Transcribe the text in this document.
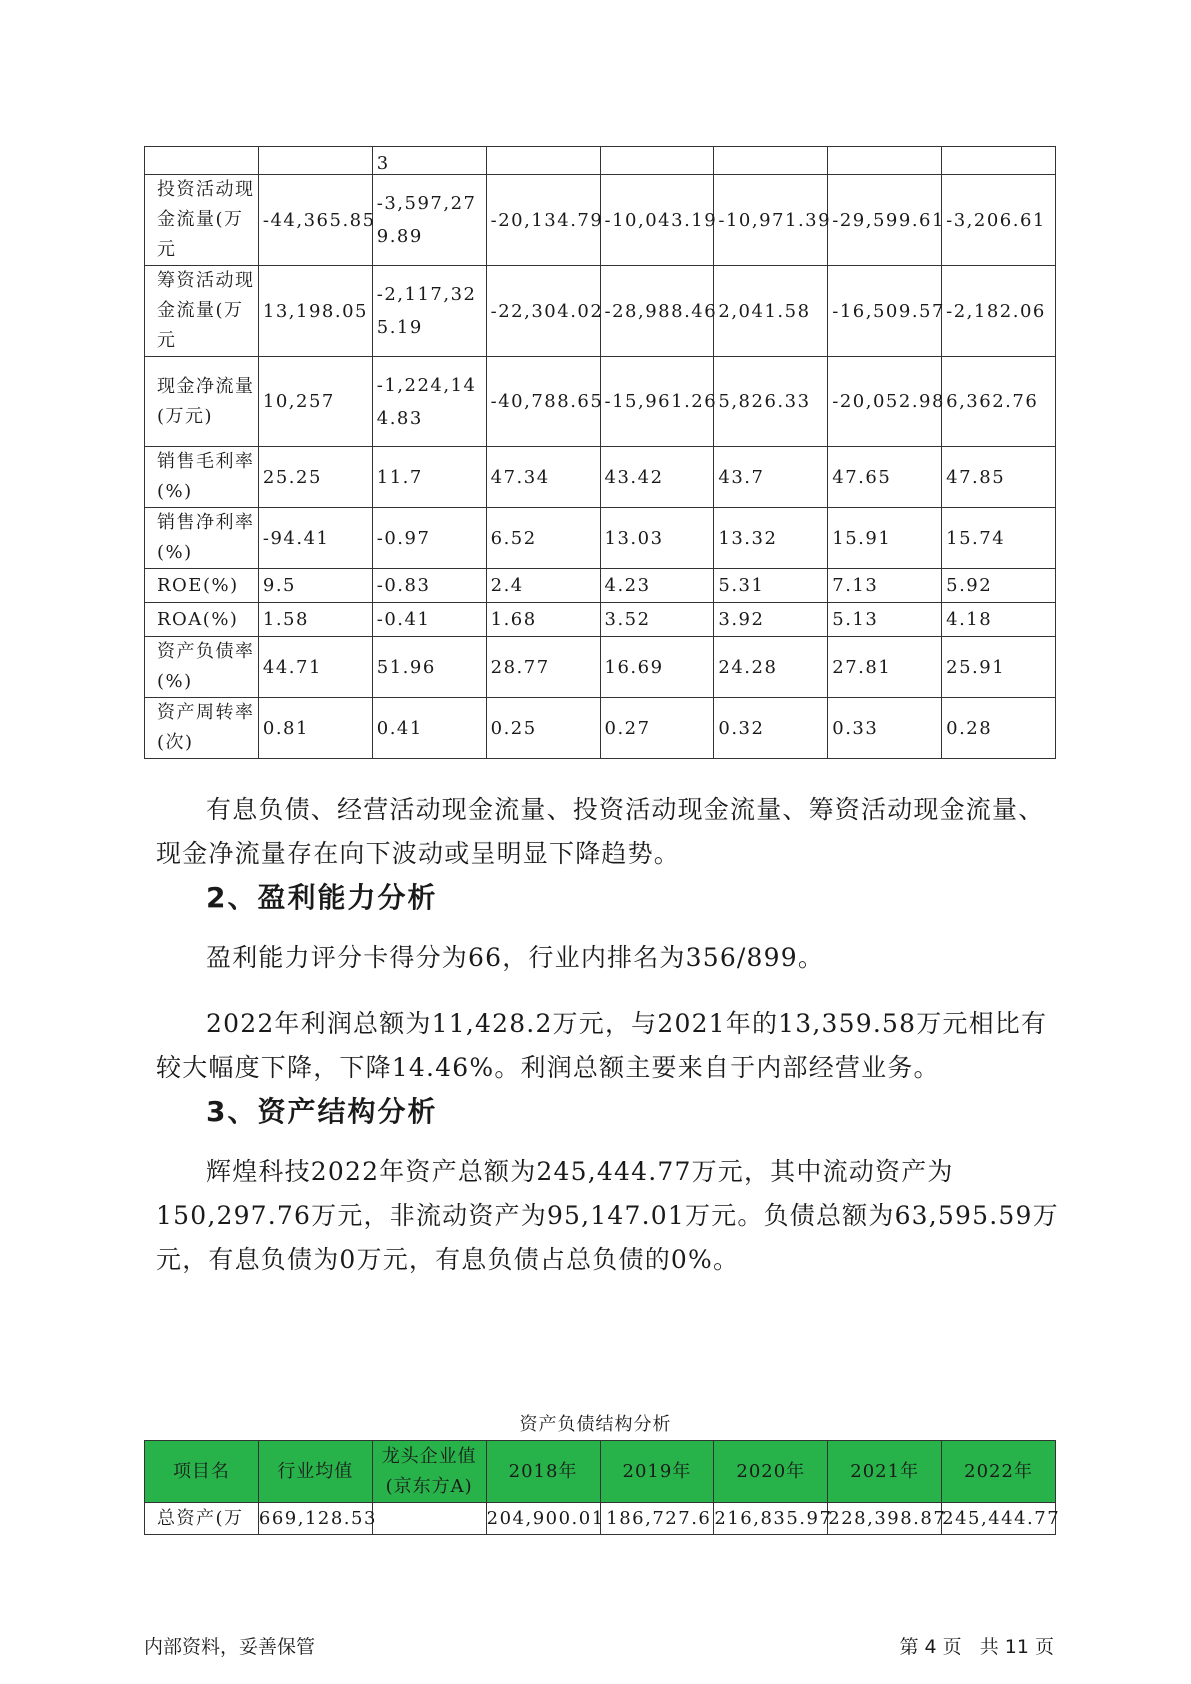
		3					
投资活动现金流量(万元	-44,365.85	-3,597,279.89	-20,134.79	-10,043.19	-10,971.39	-29,599.61	-3,206.61
筹资活动现金流量(万元	13,198.05	-2,117,325.19	-22,304.02	-28,988.46	2,041.58	-16,509.57	-2,182.06
现金净流量(万元)	10,257	-1,224,144.83	-40,788.65	-15,961.26	5,826.33	-20,052.98	6,362.76
销售毛利率(%)	25.25	11.7	47.34	43.42	43.7	47.65	47.85
销售净利率(%)	-94.41	-0.97	6.52	13.03	13.32	15.91	15.74
ROE(%)	9.5	-0.83	2.4	4.23	5.31	7.13	5.92
ROA(%)	1.58	-0.41	1.68	3.52	3.92	5.13	4.18
资产负债率(%)	44.71	51.96	28.77	16.69	24.28	27.81	25.91
资产周转率(次)	0.81	0.41	0.25	0.27	0.32	0.33	0.28

有息负债、经营活动现金流量、投资活动现金流量、筹资活动现金流量、现金净流量存在向下波动或呈明显下降趋势。

2、盈利能力分析

盈利能力评分卡得分为66，行业内排名为356/899。

2022年利润总额为11,428.2万元，与2021年的13,359.58万元相比有较大幅度下降，下降14.46%。利润总额主要来自于内部经营业务。

3、资产结构分析

辉煌科技2022年资产总额为245,444.77万元，其中流动资产为150,297.76万元，非流动资产为95,147.01万元。负债总额为63,595.59万元，有息负债为0万元，有息负债占总负债的0%。

资产负债结构分析
项目名	行业均值	龙头企业值(京东方A)	2018年	2019年	2020年	2021年	2022年
总资产(万	669,128.53		204,900.01	186,727.6	216,835.97	228,398.87	245,444.77
内部资料，妥善保管	第 4 页   共 11 页
